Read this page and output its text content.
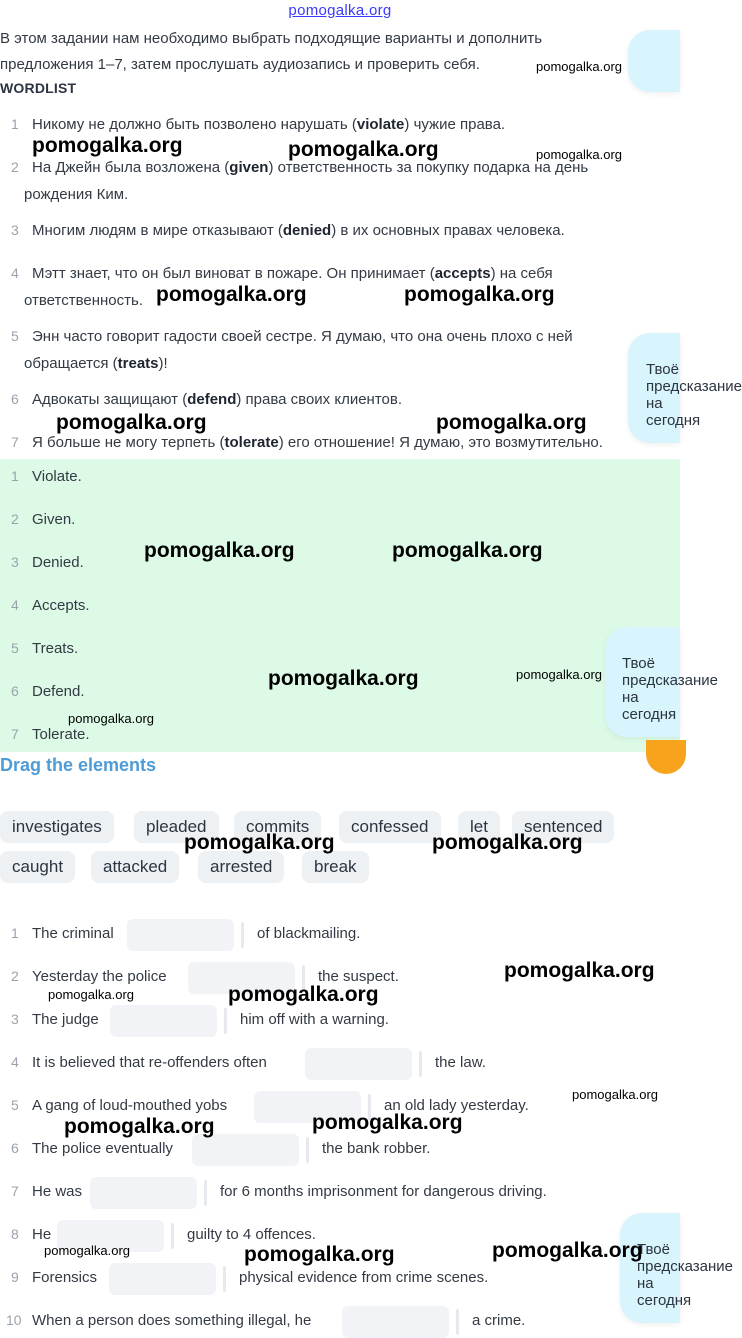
pomogalka.org
В этом задании нам необходимо выбрать подходящие варианты и дополнить предложения 1–7, затем прослушать аудиозапись и проверить себя.
WORDLIST
1 Никому не должно быть позволено нарушать (violate) чужие права.
2 На Джейн была возложена (given) ответственность за покупку подарка на день рождения Ким.
3 Многим людям в мире отказывают (denied) в их основных правах человека.
4 Мэтт знает, что он был виноват в пожаре. Он принимает (accepts) на себя ответственность.
5 Энн часто говорит гадости своей сестре. Я думаю, что она очень плохо с ней обращается (treats)!
6 Адвокаты защищают (defend) права своих клиентов.
7 Я больше не могу терпеть (tolerate) его отношение! Я думаю, это возмутительно.
1 Violate.
2 Given.
3 Denied.
4 Accepts.
5 Treats.
6 Defend.
7 Tolerate.
Drag the elements
investigates	pleaded	commits	confessed	let	sentenced
caught	attacked	arrested	break
1 The criminal	of blackmailing.
2 Yesterday the police	the suspect.
3 The judge	him off with a warning.
4 It is believed that re-offenders often	the law.
5 A gang of loud-mouthed yobs	an old lady yesterday.
6 The police eventually	the bank robber.
7 He was	for 6 months imprisonment for dangerous driving.
8 He	guilty to 4 offences.
9 Forensics	physical evidence from crime scenes.
10 When a person does something illegal, he	a crime.
Твоё
предсказание
на сегодня
Твоё
предсказание
на сегодня
Твоё
предсказание
на сегодня
pomogalka.org
pomogalka.org	pomogalka.org	pomogalka.org
pomogalka.org	pomogalka.org
pomogalka.org	pomogalka.org
pomogalka.org	pomogalka.org
pomogalka.org	pomogalka.org
pomogalka.org
pomogalka.org	pomogalka.org
pomogalka.org
pomogalka.org	pomogalka.org
pomogalka.org
pomogalka.org	pomogalka.org
pomogalka.org	pomogalka.org	pomogalka.org
